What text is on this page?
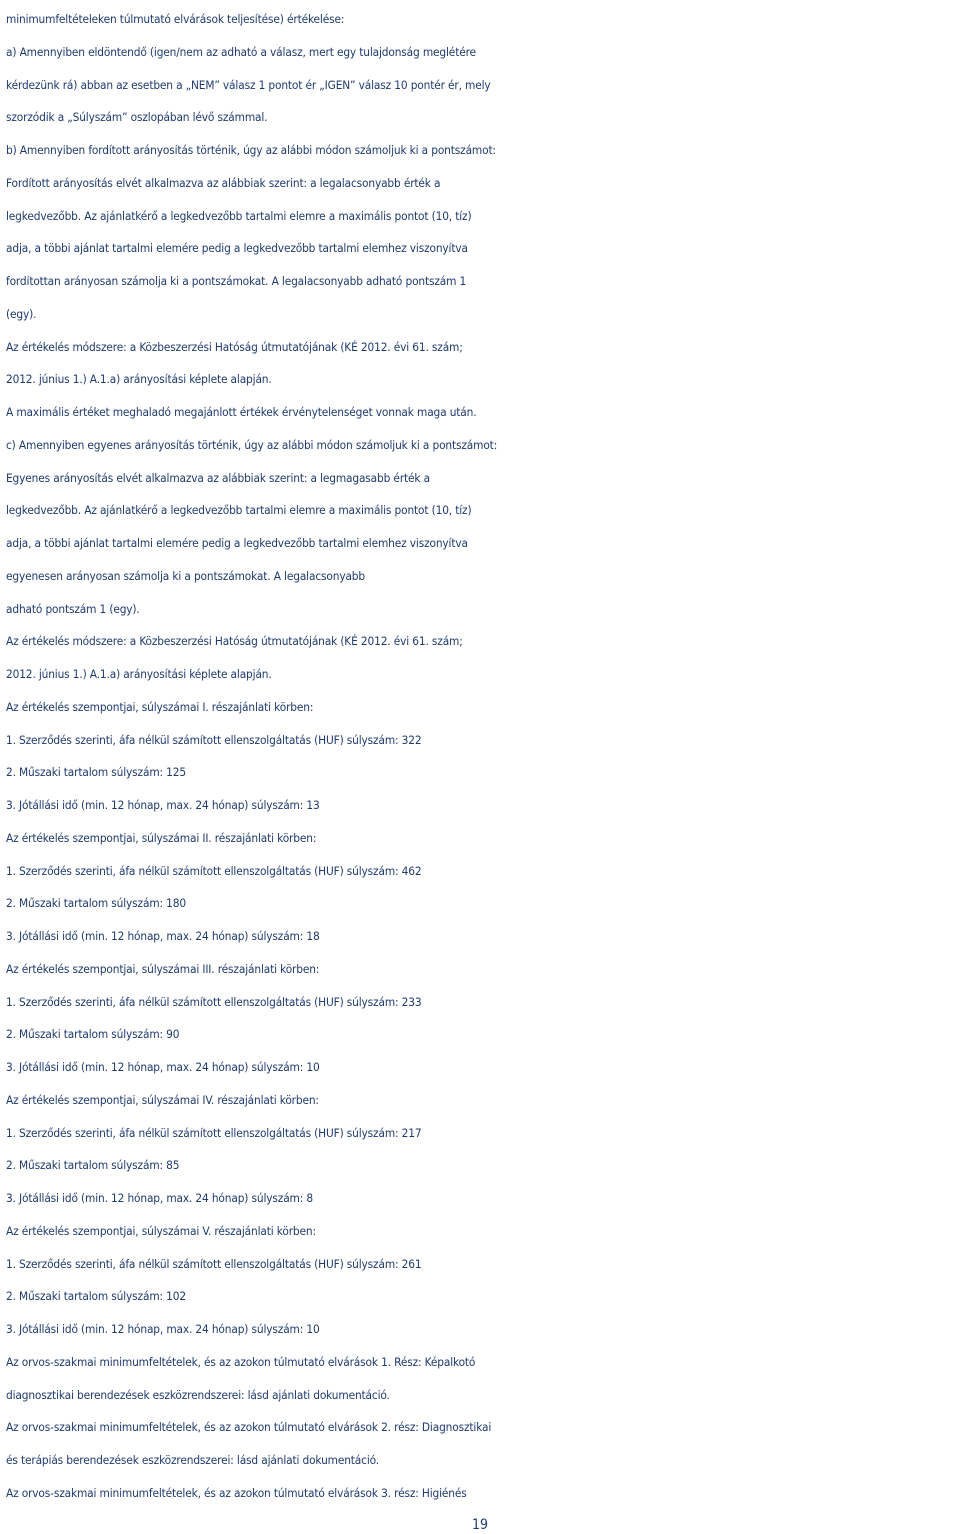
minimumfeltételeken túlmutató elvárások teljesítése) értékelése:
a) Amennyiben eldöntendő (igen/nem az adható a válasz, mert egy tulajdonság meglétére
kérdezünk rá) abban az esetben a „NEM” válasz 1 pontot ér „IGEN” válasz 10 pontér ér, mely
szorzódik a „Súlyszám” oszlopában lévő számmal.
b) Amennyiben fordított arányosítás történik, úgy az alábbi módon számoljuk ki a pontszámot:
Fordított arányosítás elvét alkalmazva az alábbiak szerint: a legalacsonyabb érték a
legkedvezőbb. Az ajánlatkérő a legkedvezőbb tartalmi elemre a maximális pontot (10, tíz)
adja, a többi ajánlat tartalmi elemére pedig a legkedvezőbb tartalmi elemhez viszonyítva
fordítottan arányosan számolja ki a pontszámokat. A legalacsonyabb adható pontszám 1
(egy).
Az értékelés módszere: a Közbeszerzési Hatóság útmutatójának (KÉ 2012. évi 61. szám;
2012. június 1.) A.1.a) arányosítási képlete alapján.
A maximális értéket meghaladó megajánlott értékek érvénytelenséget vonnak maga után.
c) Amennyiben egyenes arányosítás történik, úgy az alábbi módon számoljuk ki a pontszámot:
Egyenes arányosítás elvét alkalmazva az alábbiak szerint: a legmagasabb érték a
legkedvezőbb. Az ajánlatkérő a legkedvezőbb tartalmi elemre a maximális pontot (10, tíz)
adja, a többi ajánlat tartalmi elemére pedig a legkedvezőbb tartalmi elemhez viszonyítva
egyenesen arányosan számolja ki a pontszámokat. A legalacsonyabb
adható pontszám 1 (egy).
Az értékelés módszere: a Közbeszerzési Hatóság útmutatójának (KÉ 2012. évi 61. szám;
2012. június 1.) A.1.a) arányosítási képlete alapján.
Az értékelés szempontjai, súlyszámai I. részajánlati körben:
1. Szerződés szerinti, áfa nélkül számított ellenszolgáltatás (HUF) súlyszám: 322
2. Műszaki tartalom súlyszám: 125
3. Jótállási idő (min. 12 hónap, max. 24 hónap) súlyszám: 13
Az értékelés szempontjai, súlyszámai II. részajánlati körben:
1. Szerződés szerinti, áfa nélkül számított ellenszolgáltatás (HUF) súlyszám: 462
2. Műszaki tartalom súlyszám: 180
3. Jótállási idő (min. 12 hónap, max. 24 hónap) súlyszám: 18
Az értékelés szempontjai, súlyszámai III. részajánlati körben:
1. Szerződés szerinti, áfa nélkül számított ellenszolgáltatás (HUF) súlyszám: 233
2. Műszaki tartalom súlyszám: 90
3. Jótállási idő (min. 12 hónap, max. 24 hónap) súlyszám: 10
Az értékelés szempontjai, súlyszámai IV. részajánlati körben:
1. Szerződés szerinti, áfa nélkül számított ellenszolgáltatás (HUF) súlyszám: 217
2. Műszaki tartalom súlyszám: 85
3. Jótállási idő (min. 12 hónap, max. 24 hónap) súlyszám: 8
Az értékelés szempontjai, súlyszámai V. részajánlati körben:
1. Szerződés szerinti, áfa nélkül számított ellenszolgáltatás (HUF) súlyszám: 261
2. Műszaki tartalom súlyszám: 102
3. Jótállási idő (min. 12 hónap, max. 24 hónap) súlyszám: 10
Az orvos-szakmai minimumfeltételek, és az azokon túlmutató elvárások 1. Rész: Képalkotó
diagnosztikai berendezések eszközrendszerei: lásd ajánlati dokumentáció.
Az orvos-szakmai minimumfeltételek, és az azokon túlmutató elvárások 2. rész: Diagnosztikai
és terápiás berendezések eszközrendszerei: lásd ajánlati dokumentáció.
Az orvos-szakmai minimumfeltételek, és az azokon túlmutató elvárások 3. rész: Higiénés
19
